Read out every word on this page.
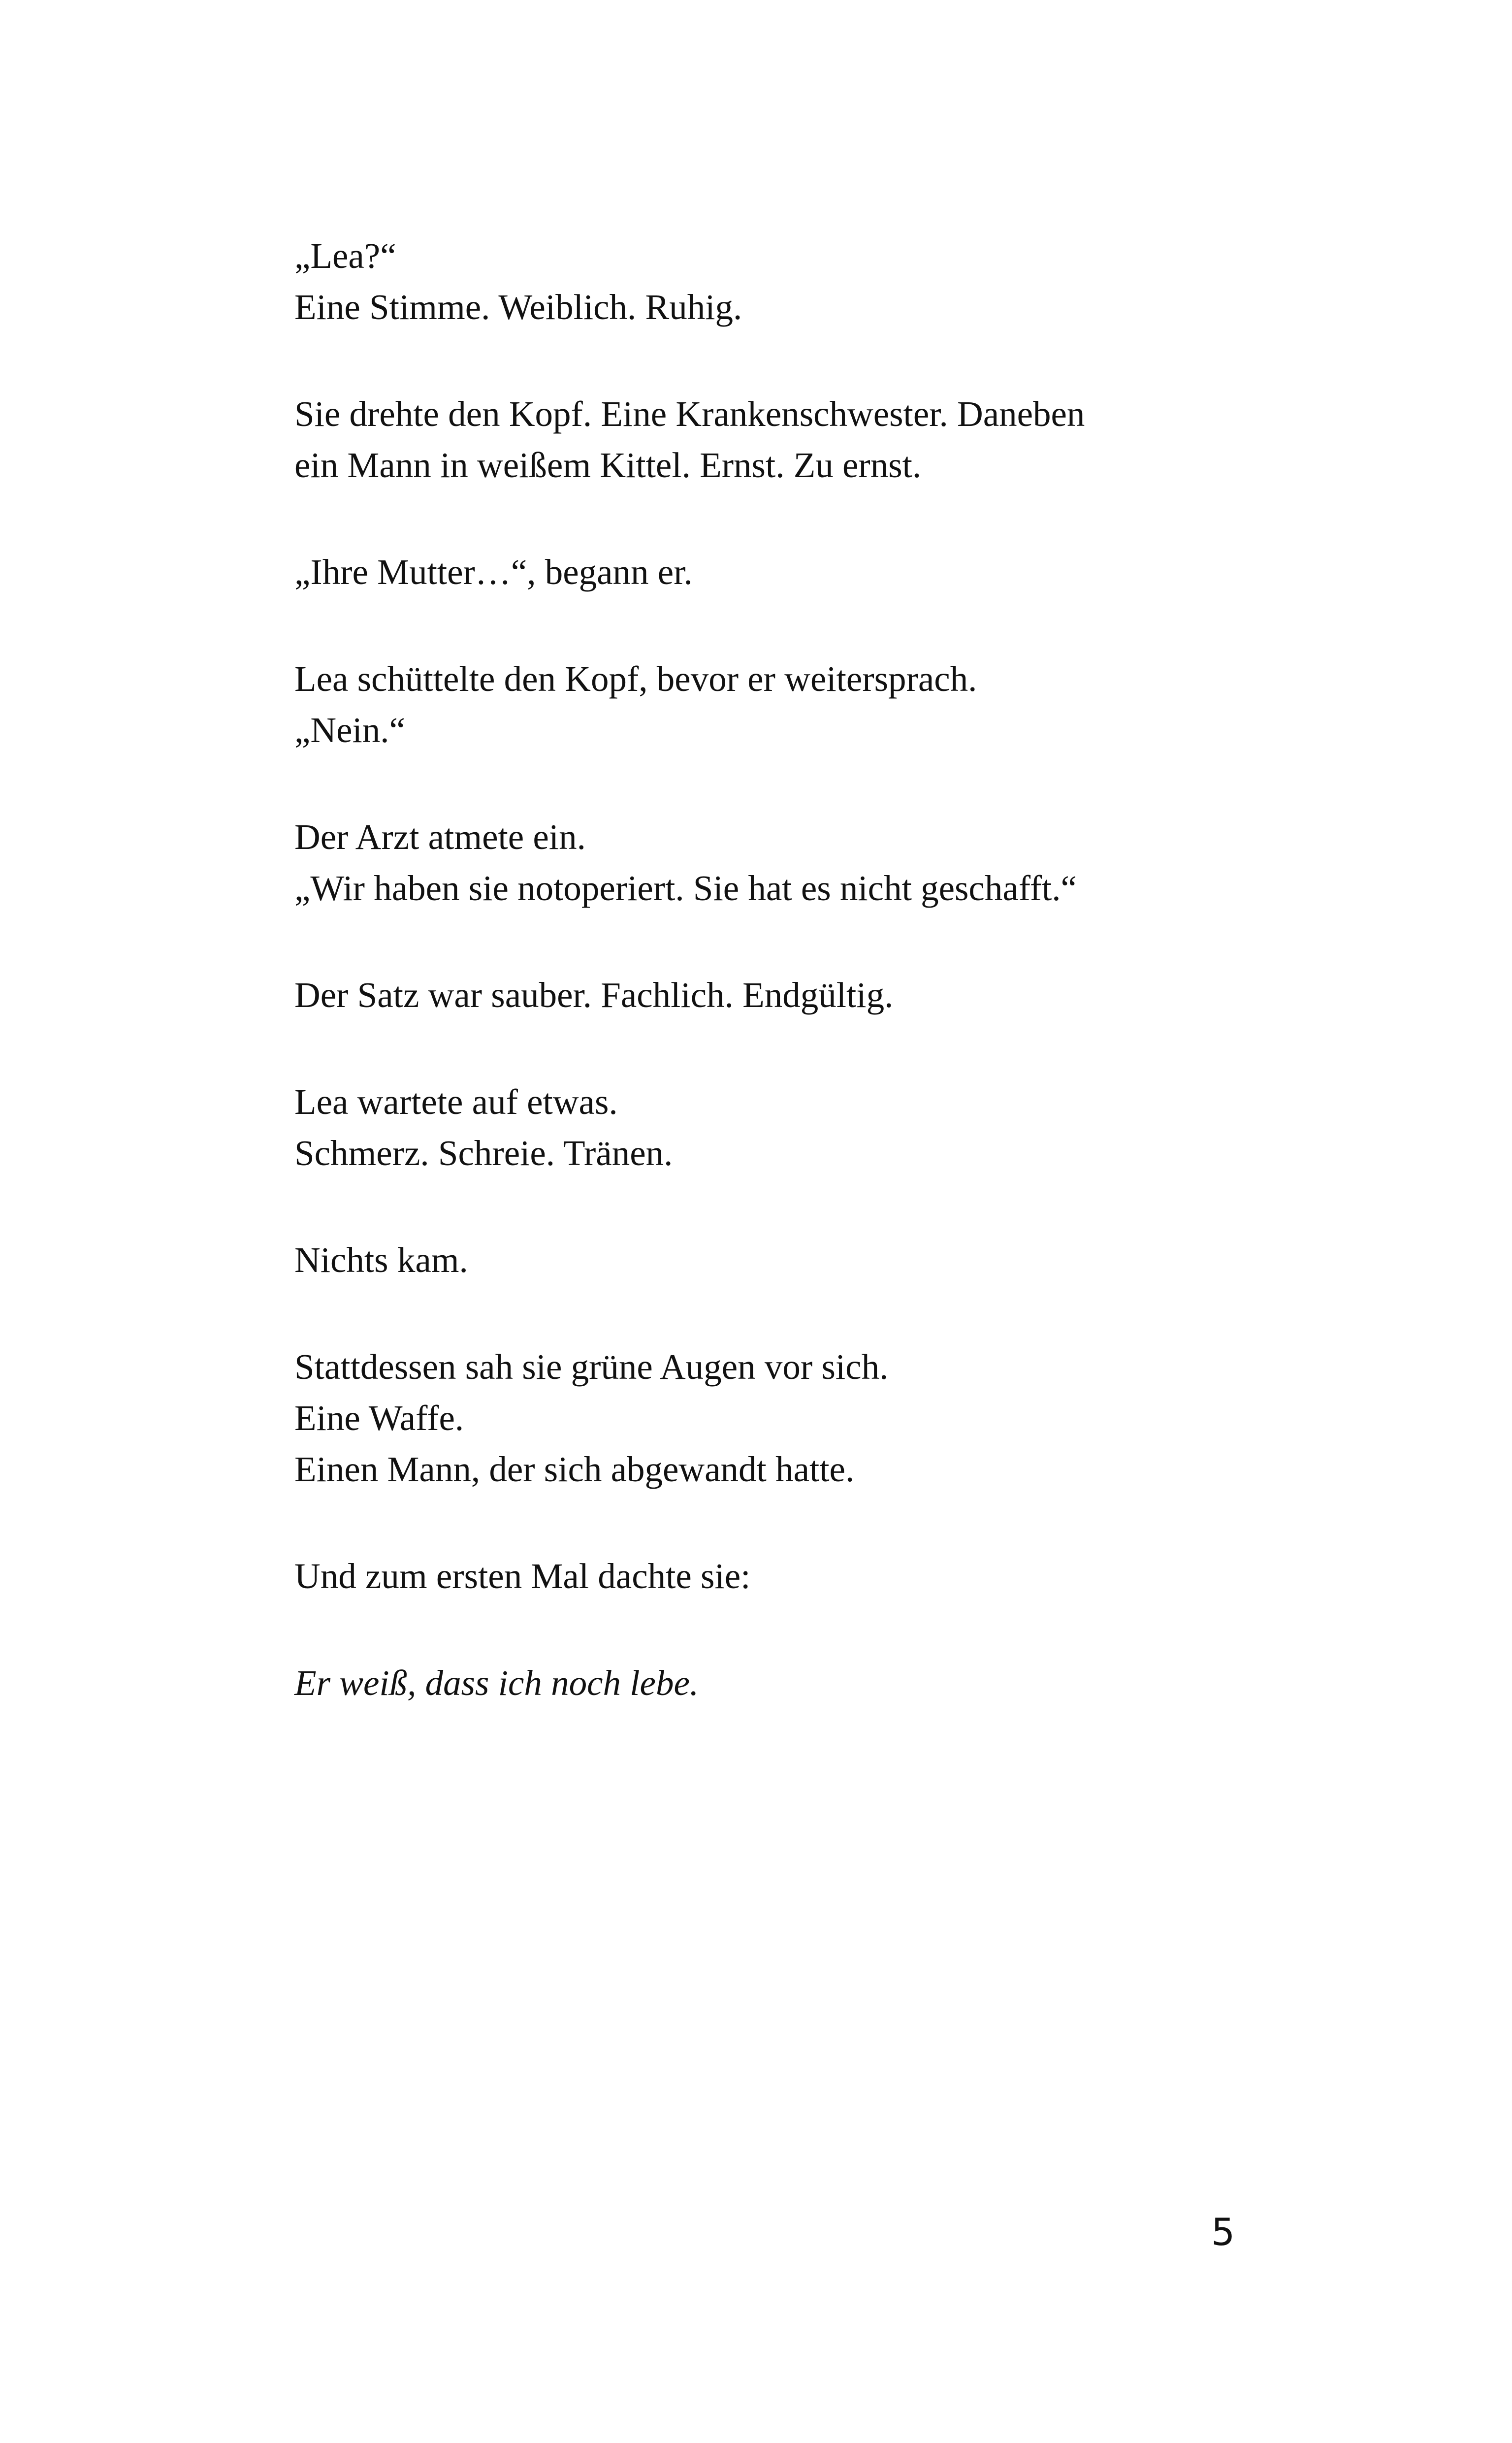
„Lea?“
Eine Stimme. Weiblich. Ruhig.

Sie drehte den Kopf. Eine Krankenschwester. Daneben
ein Mann in weißem Kittel. Ernst. Zu ernst.

„Ihre Mutter…“, begann er.

Lea schüttelte den Kopf, bevor er weitersprach.
„Nein.“

Der Arzt atmete ein.
„Wir haben sie notoperiert. Sie hat es nicht geschafft.“

Der Satz war sauber. Fachlich. Endgültig.

Lea wartete auf etwas.
Schmerz. Schreie. Tränen.

Nichts kam.

Stattdessen sah sie grüne Augen vor sich.
Eine Waffe.
Einen Mann, der sich abgewandt hatte.

Und zum ersten Mal dachte sie:

Er weiß, dass ich noch lebe.

5
